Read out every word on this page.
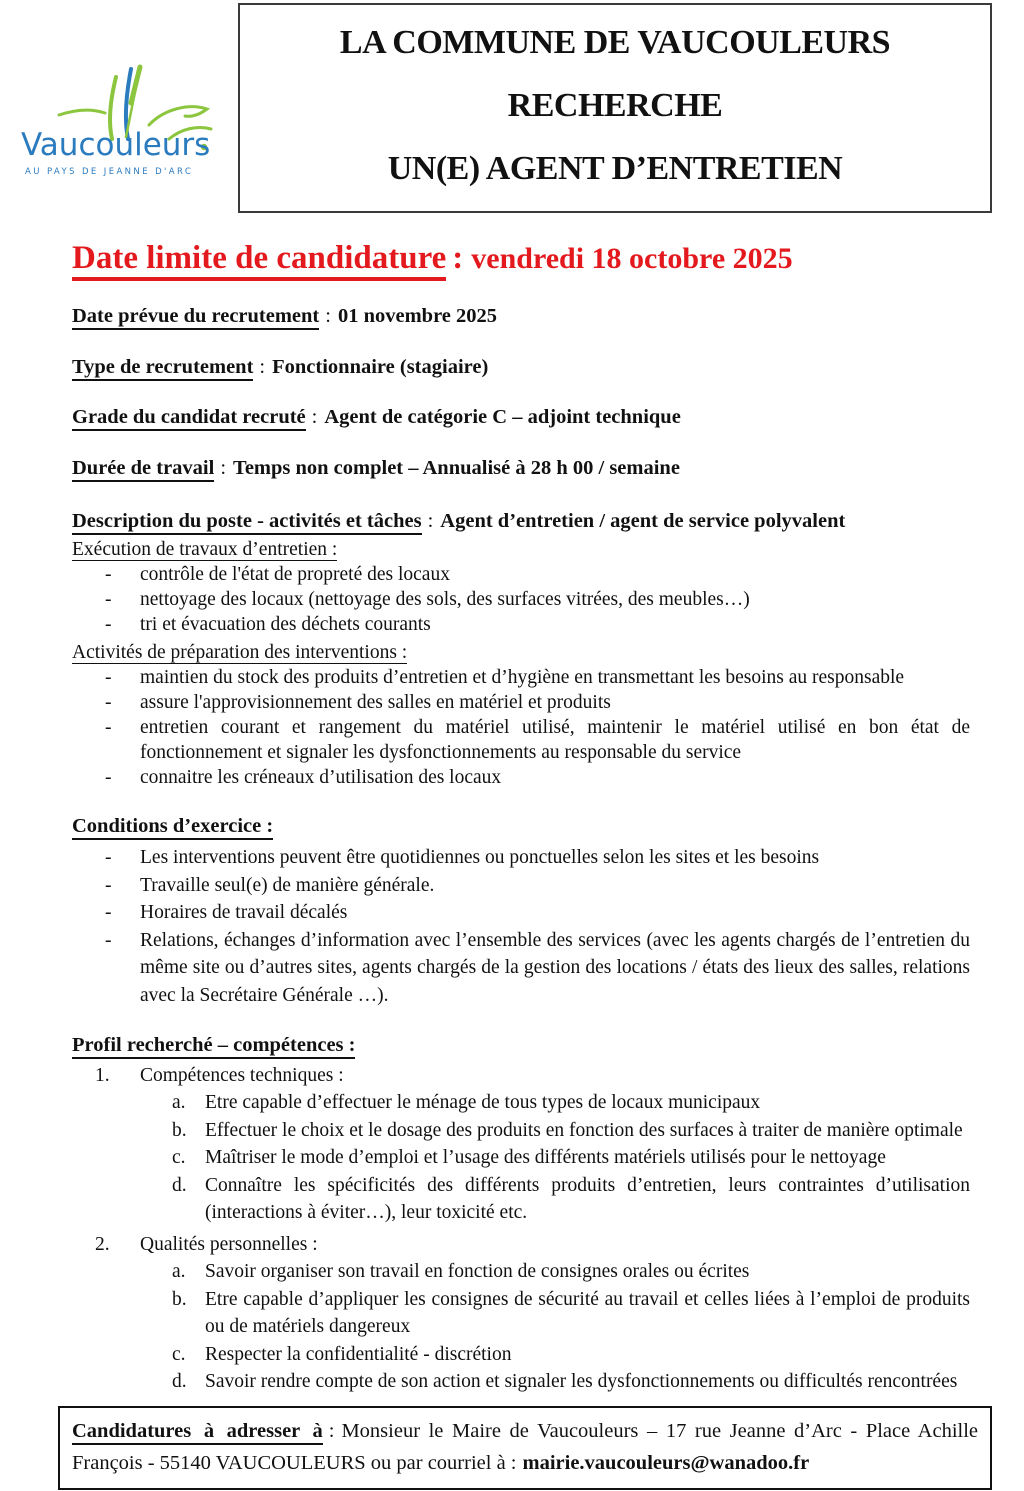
Vaucouleurs
AU PAYS DE JEANNE D'ARC
LA COMMUNE DE VAUCOULEURS
RECHERCHE
UN(E) AGENT D’ENTRETIEN
Date limite de candidature : vendredi 18 octobre 2025
Date prévue du recrutement : 01 novembre 2025
Type de recrutement : Fonctionnaire (stagiaire)
Grade du candidat recruté : Agent de catégorie C – adjoint technique
Durée de travail : Temps non complet – Annualisé à 28 h 00 / semaine
Description du poste - activités et tâches : Agent d’entretien / agent de service polyvalent
Exécution de travaux d’entretien :
-	contrôle de l'état de propreté des locaux
-	nettoyage des locaux (nettoyage des sols, des surfaces vitrées, des meubles…)
-	tri et évacuation des déchets courants
Activités de préparation des interventions :
-	maintien du stock des produits d’entretien et d’hygiène en transmettant les besoins au responsable
-	assure l'approvisionnement des salles en matériel et produits
-	entretien courant et rangement du matériel utilisé, maintenir le matériel utilisé en bon état de fonctionnement et signaler les dysfonctionnements au responsable du service
-	connaitre les créneaux d’utilisation des locaux
Conditions d’exercice :
-	Les interventions peuvent être quotidiennes ou ponctuelles selon les sites et les besoins
-	Travaille seul(e) de manière générale.
-	Horaires de travail décalés
-	Relations, échanges d’information avec l’ensemble des services (avec les agents chargés de l’entretien du même site ou d’autres sites, agents chargés de la gestion des locations / états des lieux des salles, relations avec la Secrétaire Générale …).
Profil recherché – compétences :
1.	Compétences techniques :
a. Etre capable d’effectuer le ménage de tous types de locaux municipaux
b. Effectuer le choix et le dosage des produits en fonction des surfaces à traiter de manière optimale
c. Maîtriser le mode d’emploi et l’usage des différents matériels utilisés pour le nettoyage
d. Connaître les spécificités des différents produits d’entretien, leurs contraintes d’utilisation (interactions à éviter…), leur toxicité etc.
2.	Qualités personnelles :
a. Savoir organiser son travail en fonction de consignes orales ou écrites
b. Etre capable d’appliquer les consignes de sécurité au travail et celles liées à l’emploi de produits ou de matériels dangereux
c. Respecter la confidentialité - discrétion
d. Savoir rendre compte de son action et signaler les dysfonctionnements ou difficultés rencontrées
Candidatures à adresser à : Monsieur le Maire de Vaucouleurs – 17 rue Jeanne d’Arc - Place Achille François - 55140 VAUCOULEURS ou par courriel à : mairie.vaucouleurs@wanadoo.fr
